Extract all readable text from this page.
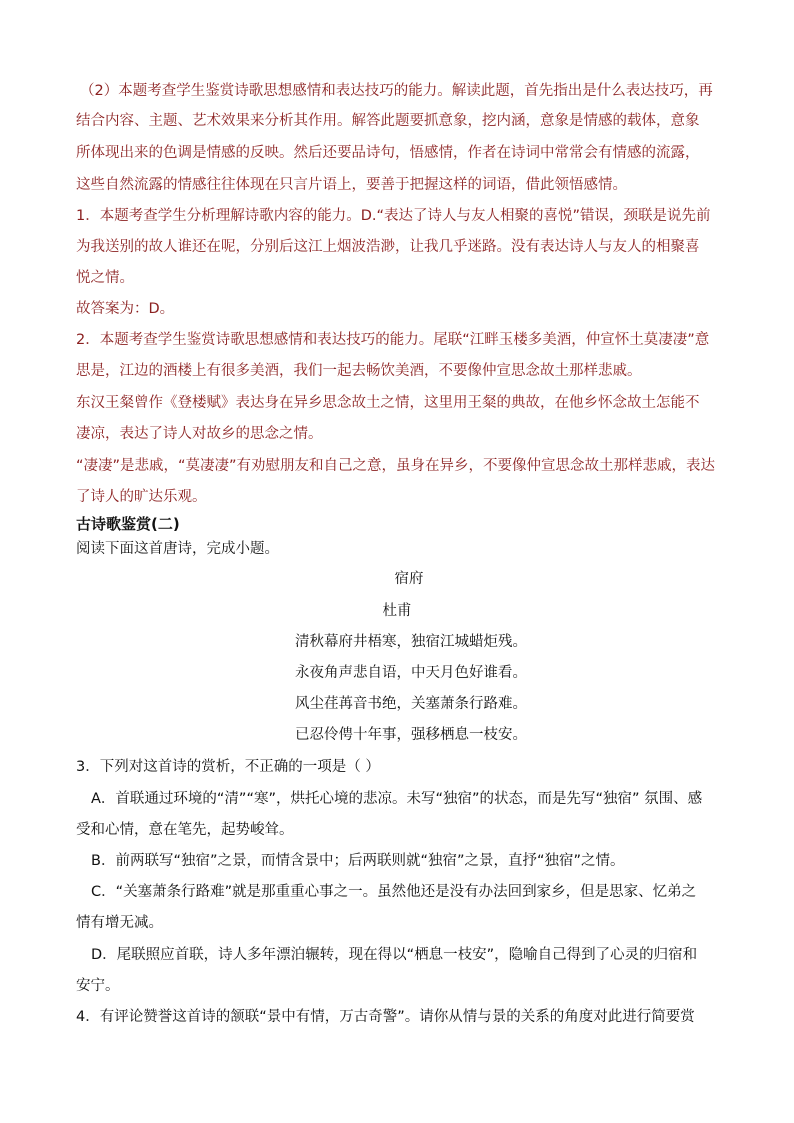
（2）本题考查学生鉴赏诗歌思想感情和表达技巧的能力。解读此题，首先指出是什么表达技巧，再
结合内容、主题、艺术效果来分析其作用。解答此题要抓意象，挖内涵，意象是情感的载体，意象
所体现出来的色调是情感的反映。然后还要品诗句，悟感情，作者在诗词中常常会有情感的流露，
这些自然流露的情感往往体现在只言片语上，要善于把握这样的词语，借此领悟感情。
1．本题考查学生分析理解诗歌内容的能力。D.“表达了诗人与友人相聚的喜悦”错误，颈联是说先前
为我送别的故人谁还在呢，分别后这江上烟波浩渺，让我几乎迷路。没有表达诗人与友人的相聚喜
悦之情。
故答案为：D。
2．本题考查学生鉴赏诗歌思想感情和表达技巧的能力。尾联“江畔玉楼多美酒，仲宣怀土莫凄凄”意
思是，江边的酒楼上有很多美酒，我们一起去畅饮美酒，不要像仲宣思念故土那样悲戚。
东汉王粲曾作《登楼赋》表达身在异乡思念故土之情，这里用王粲的典故，在他乡怀念故土怎能不
凄凉，表达了诗人对故乡的思念之情。
“凄凄”是悲戚，“莫凄凄”有劝慰朋友和自己之意，虽身在异乡，不要像仲宣思念故土那样悲戚，表达
了诗人的旷达乐观。
古诗歌鉴赏(二)
阅读下面这首唐诗，完成小题。
宿府
杜甫
清秋幕府井梧寒，独宿江城蜡炬残。
永夜角声悲自语，中天月色好谁看。
风尘荏苒音书绝，关塞萧条行路难。
已忍伶俜十年事，强移栖息一枝安。
3．下列对这首诗的赏析，不正确的一项是（ ）
A．首联通过环境的“清”“寒”，烘托心境的悲凉。未写“独宿”的状态，而是先写“独宿” 氛围、感
受和心情，意在笔先，起势峻耸。
B．前两联写“独宿”之景，而情含景中；后两联则就“独宿”之景，直抒“独宿”之情。
C．“关塞萧条行路难”就是那重重心事之一。虽然他还是没有办法回到家乡，但是思家、忆弟之
情有增无减。
D．尾联照应首联，诗人多年漂泊辗转，现在得以“栖息一枝安”，隐喻自己得到了心灵的归宿和
安宁。
4．有评论赞誉这首诗的颔联“景中有情，万古奇警”。请你从情与景的关系的角度对此进行简要赏
